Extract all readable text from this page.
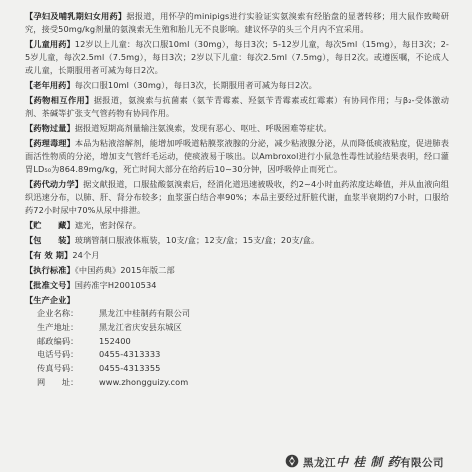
【孕妇及哺乳期妇女用药】据报道，用怀孕的minipigs进行实验证实氨溴索有经胎盘的显著转移；用大鼠作致畸研究，接受50mg/kg剂量的氨溴索无生殖和胎儿无不良影响。建议怀孕的头三个月内不宜采用。
【儿童用药】12岁以上儿童：每次口服10ml（30mg），每日3次；5-12岁儿童，每次5ml（15mg），每日3次；2-5岁儿童，每次2.5ml（7.5mg），每日3次；2岁以下儿童：每次2.5ml（7.5mg），每日2次。或遵医嘱，不论成人或儿童，长期服用者可减为每日2次。
【老年用药】每次口服10ml（30mg），每日3次，长期服用者可减为每日2次。
【药物相互作用】据报道，氨溴索与抗菌素（氨苄青霉素、羟氨苄青霉素或红霉素）有协同作用；与β₂-受体激动剂、茶碱等扩张支气管药物有协同作用。
【药物过量】据报道短期高剂量输注氨溴索，发现有恶心、呕吐、呼吸困难等症状。
【药理毒理】本品为粘液溶解剂，能增加呼吸道粘膜浆液腺的分泌，减少粘液腺分泌，从而降低痰液粘度，促进肺表面活性物质的分泌，增加支气管纤毛运动，使痰液易于咳出。以Ambroxol进行小鼠急性毒性试验结果表明，经口灌胃LD₅₀为864.89mg/kg，死亡时间大部分在给药后10~30分钟，因呼吸停止而死亡。
【药代动力学】据文献报道，口服盐酸氨溴索后，经消化道迅速被吸收，约2~4小时血药浓度达峰值，并从血液向组织迅速分布，以肺、肝、肾分布较多；血浆蛋白结合率90%；本品主要经过肝脏代谢，血浆半衰期约7小时，口服给药72小时尿中70%从尿中排泄。
【贮　　藏】遮光，密封保存。
【包　　装】玻璃管制口服液体瓶装，10支/盒；12支/盒；15支/盒；20支/盒。
【有 效 期】24个月
【执行标准】《中国药典》2015年版二部
【批准文号】国药准字H20010534
【生产企业】
企业名称：	黑龙江中桂制药有限公司
生产地址：	黑龙江省庆安县东城区
邮政编码：	152400
电话号码：	0455-4313333
传真号码：	0455-4313355
网　　址：	www.zhongguizy.com
黑龙江中 桂 制 药有限公司
